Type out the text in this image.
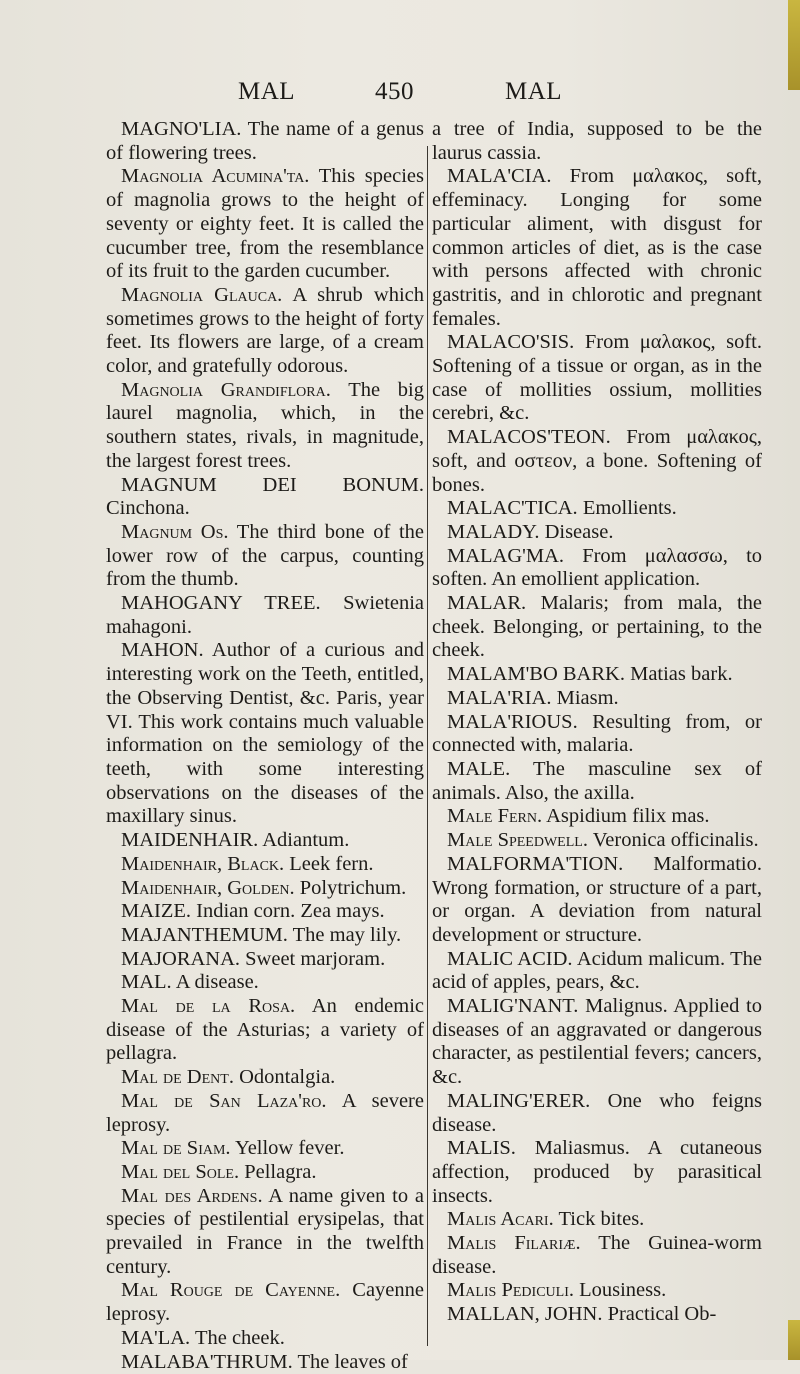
MAL	450	MAL

MAGNO'LIA. The name of a genus of flowering trees.

Magnolia Acumina'ta. This species of magnolia grows to the height of seventy or eighty feet. It is called the cucumber tree, from the resemblance of its fruit to the garden cucumber.

Magnolia Glauca. A shrub which sometimes grows to the height of forty feet. Its flowers are large, of a cream color, and gratefully odorous.

Magnolia Grandiflora. The big laurel magnolia, which, in the southern states, rivals, in magnitude, the largest forest trees.

MAGNUM DEI BONUM. Cinchona.

Magnum Os. The third bone of the lower row of the carpus, counting from the thumb.

MAHOGANY TREE. Swietenia mahagoni.

MAHON. Author of a curious and interesting work on the Teeth, entitled, the Observing Dentist, &c. Paris, year VI. This work contains much valuable information on the semiology of the teeth, with some interesting observations on the diseases of the maxillary sinus.

MAIDENHAIR. Adiantum.

Maidenhair, Black. Leek fern.

Maidenhair, Golden. Polytrichum.

MAIZE. Indian corn. Zea mays.

MAJANTHEMUM. The may lily.

MAJORANA. Sweet marjoram.

MAL. A disease.

Mal de la Rosa. An endemic disease of the Asturias; a variety of pellagra.

Mal de Dent. Odontalgia.

Mal de San Laza'ro. A severe leprosy.

Mal de Siam. Yellow fever.

Mal del Sole. Pellagra.

Mal des Ardens. A name given to a species of pestilential erysipelas, that prevailed in France in the twelfth century.

Mal Rouge de Cayenne. Cayenne leprosy.

MA'LA. The cheek.

MALABA'THRUM. The leaves of

a tree of India, supposed to be the laurus cassia.

MALA'CIA. From μαλακος, soft, effeminacy. Longing for some particular aliment, with disgust for common articles of diet, as is the case with persons affected with chronic gastritis, and in chlorotic and pregnant females.

MALACO'SIS. From μαλακος, soft. Softening of a tissue or organ, as in the case of mollities ossium, mollities cerebri, &c.

MALACOS'TEON. From μαλακος, soft, and οστεον, a bone. Softening of bones.

MALAC'TICA. Emollients.

MALADY. Disease.

MALAG'MA. From μαλασσω, to soften. An emollient application.

MALAR. Malaris; from mala, the cheek. Belonging, or pertaining, to the cheek.

MALAM'BO BARK. Matias bark.

MALA'RIA. Miasm.

MALA'RIOUS. Resulting from, or connected with, malaria.

MALE. The masculine sex of animals. Also, the axilla.

Male Fern. Aspidium filix mas.

Male Speedwell. Veronica officinalis.

MALFORMA'TION. Malformatio. Wrong formation, or structure of a part, or organ. A deviation from natural development or structure.

MALIC ACID. Acidum malicum. The acid of apples, pears, &c.

MALIG'NANT. Malignus. Applied to diseases of an aggravated or dangerous character, as pestilential fevers; cancers, &c.

MALING'ERER. One who feigns disease.

MALIS. Maliasmus. A cutaneous affection, produced by parasitical insects.

Malis Acari. Tick bites.

Malis Filariæ. The Guinea-worm disease.

Malis Pediculi. Lousiness.

MALLAN, JOHN. Practical Ob-
